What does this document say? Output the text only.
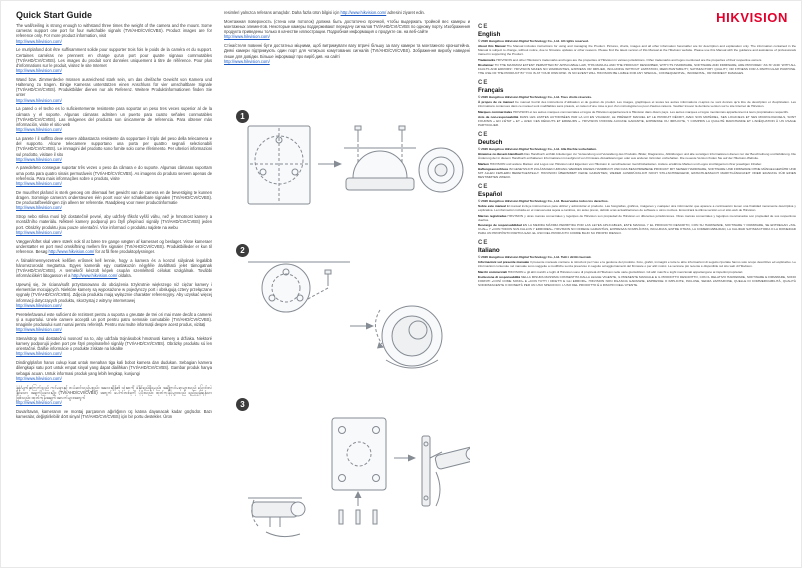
Quick Start Guide

The wall/ceiling is strong enough to withstand three times the weight of the camera and the mount. Some cameras support one port for four switchable signals (TVI/AHD/CVI/CVBS). Product images are for reference only. For more product information, visit
http://www.hikvision.com/

Le mur/plafond doit être suffisamment solide pour supporter trois fois le poids de la caméra et du support. Certaines caméras ne prennent en charge qu'un port pour quatre signaux commutables (TVI/AHD/CVI/CVBS). Les images du produit sont données uniquement à titre de référence. Pour plus d'informations sur le produit, visitez le site Internet
http://www.hikvision.com/

Wand bzw. Zimmerdecke müssen ausreichend stark sein, um das dreifache Gewicht von Kamera und Halterung zu tragen. Einige Kameras unterstützen einen Anschluss für vier umschaltbare Signale (TVI/AHD/CVI/CVBS). Produktbilder dienen nur als Referenz. Weitere Produktinformationen finden Sie unter
http://www.hikvision.com/

La pared o el techo es lo suficientemente resistente para soportar un peso tres veces superior al de la cámara y el soporte. Algunas cámaras admiten un puerto para cuatro señales conmutables (TVI/AHD/CVI/CVBS). Las imágenes del producto son únicamente de referencia. Para obtener más información, visite el sitio web
http://www.hikvision.com/

La parete / il soffitto deve essere abbastanza resistente da sopportare il triplo del peso della telecamera e del supporto. Alcune telecamere supportano una porta per quattro segnali selezionabili (TVI/AHD/CVI/CVBS). Le immagini del prodotto sono fornite solo come riferimento. Per ulteriori informazioni sul prodotto, visitare il sito
http://www.hikvision.com/

A parede/teto consegue suportar três vezes o peso da câmara e do suporte. Algumas câmaras suportam uma porta para quatro sinais permutáveis (TVI/AHD/CVI/CVBS). As imagens do produto servem apenas de referência. Para mais informações sobre o produto, visite
http://www.hikvision.com/

De muur/het plafond is sterk genoeg om driemaal het gewicht van de camera en de bevestiging te kunnen dragen. Sommige camera's ondersteunen één poort voor vier schakelbare signalen (TVI/AHD/CVI/CVBS). De productafbeeldingen zijn alleen ter referentie. Raadpleeg voor meer productinformatie
http://www.hikvision.com/

Strop nebo stěna musí být dostatečně pevné, aby udržely třikrát vyšší váhu, než je hmotnost kamery a montážního materiálu. Některé kamery podporují pro čtyři přepínací signály (TVI/AHD/CVI/CVBS) jeden port. Obrázky produktu jsou pouze orientační. Více informací o produktu najdete na webu
http://www.hikvision.com/

Væggen/loftet skal være stærk nok til at bære tre gange vægten af kameraet og beslaget. Visse kameraer understøtter en port med omskiftning mellem fire signaler (TVI/AHD/CVI/CVBS). Produktbilleder er kun til reference. Besøg http://www.hikvision.com/ for at få flere produktoplysninger.

A falnak/mennyezetnek kellően erősnek kell lennie, hogy a kamera és a konzol súlyának legalább háromszorosát megtartsa. Egyes kamerák egy csatlakozón négyféle átváltható jelet támogatnak (TVI/AHD/CVI/CVBS). A termékről készült képek csupán szemléltető célokat szolgálnak. További információkért látogasson el a http://www.hikvision.com/ oldalra.

Upewnij się, że ściana/sufit przystosowano do obciążenia trzykrotnie większego niż ciężar kamery i elementów mocujących. Niektóre kamery są wyposażone w pojedynczy port i obsługują cztery przełączane sygnały (TVI/AHD/CVI/CVBS). Zdjęcia produktu mają wyłącznie charakter referencyjny. Aby uzyskać więcej informacji dotyczących produktu, skorzystaj z witryny internetowej
http://www.hikvision.com/

Peretele/tavanul este suficient de rezistent pentru a suporta o greutate de trei ori mai mare decât a camerei și a suportului. Unele camere acceptă un port pentru patru semnale comutabile (TVI/AHD/CVI/CVBS). Imaginile produsului sunt numai pentru referință. Pentru mai multe informații despre acest produs, vizitați
http://www.hikvision.com/

Stena/strop má dostatočnú nosnosť na to, aby udržala trojnásobok hmotnosti kamery a držiaka. Niektoré kamery podporujú jeden port pre štyri prepínateľné signály (TVI/AHD/CVI/CVBS). Obrázky produktu sú len orientačné. Ďalšie informácie o produkte získate na lokalite
http://www.hikvision.com/

Dinding/plafon harus cukup kuat untuk menahan tiga kali bobot kamera dan dudukan. Sebagian kamera dilengkapi satu port untuk empat sinyal yang dapat dialihkan (TVI/AHD/CVI/CVBS). Gambar produk hanya sebagai acuan. Untuk informasi produk yang lebih lengkap, kunjungi
http://www.hikvision.com/

နံရံ/မျက်နှာကြက်သည် ကင်မရာနှင့် တပ်ဆင်သည့်ပစ္စည်း အလေးချိန်၏ သုံးဆကို ခံနိုင်ရည်ရှိရမည်။ အချို့ကင်မရာများသည် ပြောင်းလဲနိုင်သော အချက်ပြလေးမျိုး (TVI/AHD/CVI/CVBS) အတွက် ပေါက်တစ်ခုကို ပံ့ပိုးသည်။ ထုတ်ကုန်ပုံများသည် ရည်ညွှန်းရန်သာဖြစ်သည်။ ထုတ်ကုန်အချက်အလက်များအတွက်
http://www.hikvision.com/

Duvar/tavan, kameranın ve montaj parçasının ağırlığının üç katına dayanacak kadar güçlüdür. Bazı kameralar, değiştirilebilir dört sinyal (TVI/AHD/CVI/CVBS) için bir portu destekler. Ürün

resimleri yalnızca referans amaçlıdır. Daha fazla ürün bilgisi için http://www.hikvision.com/ adresini ziyaret edin.

Монтажная поверхность (стена или потолок) должна быть достаточно прочной, чтобы выдержать тройной вес камеры и монтажных элементов. Некоторые камеры поддерживают передачу сигналов TVI/AHD/CVI/CVBS по одному порту. Изображения продукта приведены только в качестве иллюстрации. Подробная информация о продукте см. на веб-сайте
http://www.hikvision.com/

Стіна/стеля повинні бути достатньо міцними, щоб витримувати вагу втричі більшу за вагу камери та монтажного кронштейна. Деякі камери підтримують один порт для чотирьох комутованих сигналів (TVI/AHD/CVI/CVBS). Зображення виробу наведені лише для довідки. Більше інформації про виріб див. на сайті
http://www.hikvision.com/

1
2
3
HIKVISION
CE
English

© 2020 Hangzhou Hikvision Digital Technology Co., Ltd. All rights reserved.

About this Manual The Manual includes instructions for using and managing the Product. Pictures, charts, images and all other information hereinafter are for description and explanation only. The information contained in the Manual is subject to change, without notice, due to firmware updates or other reasons. Please find the latest version of this Manual at the Hikvision website. Please use this Manual with the guidance and assistance of professionals trained in supporting the Product.

Trademarks HIKVISION and other Hikvision's trademarks and logos are the properties of Hikvision in various jurisdictions. Other trademarks and logos mentioned are the properties of their respective owners.

Disclaimer TO THE MAXIMUM EXTENT PERMITTED BY APPLICABLE LAW, THIS MANUAL AND THE PRODUCT DESCRIBED, WITH ITS HARDWARE, SOFTWARE AND FIRMWARE, ARE PROVIDED “AS IS” AND “WITH ALL FAULTS AND ERRORS”. HIKVISION MAKES NO WARRANTIES, EXPRESS OR IMPLIED, INCLUDING WITHOUT LIMITATION, MERCHANTABILITY, SATISFACTORY QUALITY, OR FITNESS FOR A PARTICULAR PURPOSE. THE USE OF THE PRODUCT BY YOU IS AT YOUR OWN RISK. IN NO EVENT WILL HIKVISION BE LIABLE FOR ANY SPECIAL, CONSEQUENTIAL, INCIDENTAL, OR INDIRECT DAMAGES.

CE
Français

© 2020 Hangzhou Hikvision Digital Technology Co., Ltd. Tous droits réservés.

À propos de ce manuel Ce manuel fournit des instructions d'utilisation et de gestion du produit. Les images, graphiques et toutes les autres informations ci-après ne sont donnés qu'à titre de description et d'explication. Les informations contenues dans ce manuel sont modifiables sans préavis, en raison d'une mise à jour d'un micrologiciel ou pour d'autres raisons. Veuillez trouver la dernière version sur le site Internet de Hikvision.

Marques commerciales HIKVISION et les autres marques commerciales et logos de Hikvision appartiennent à Hikvision dans divers pays. Les autres marques et logos mentionnés appartiennent à leurs propriétaires respectifs.

Avis de non-responsabilité DANS LES LIMITES AUTORISÉES PAR LA LOI EN VIGUEUR, LE PRÉSENT MANUEL ET LE PRODUIT DÉCRIT, AVEC SON MATÉRIEL, SES LOGICIELS ET SES MICROLOGICIELS, SONT FOURNIS « EN L'ÉTAT » ET « AVEC CES DÉFAUTS ET ERREURS ». HIKVISION N'OFFRE AUCUNE GARANTIE, EXPRESSE OU IMPLICITE, Y COMPRIS LA QUALITÉ MARCHANDE ET L'ADÉQUATION À UN USAGE PARTICULIER.

CE
Deutsch

© 2020 Hangzhou Hikvision Digital Technology Co., Ltd. Alle Rechte vorbehalten.

Hinweise zu diesem Handbuch Das Handbuch enthält Anleitungen zur Verwendung und Verwaltung des Produkts. Bilder, Diagramme, Abbildungen und alle sonstigen Informationen dienen nur der Beschreibung und Erklärung. Die Änderung der in diesem Handbuch enthaltenen Informationen ist aufgrund von Firmware-Aktualisierungen oder aus anderen Gründen vorbehalten. Die neueste Version finden Sie auf der Hikvision-Website.

Marken HIKVISION und andere Marken und Logos von Hikvision sind Eigentum von Hikvision in verschiedenen Gerichtsbarkeiten. Andere erwähnte Marken und Logos sind Eigentum ihrer jeweiligen Inhaber.

Haftungsausschluss IM GESETZLICH ZULÄSSIGEN UMFANG WERDEN DIESES HANDBUCH UND DAS BESCHRIEBENE PRODUKT MIT SEINER HARDWARE, SOFTWARE UND FIRMWARE OHNE MÄNGELGEWÄHR UND MIT ALLEN FEHLERN BEREITGESTELLT. HIKVISION ÜBERNIMMT KEINE GARANTIEN, WEDER AUSDRÜCKLICH NOCH STILLSCHWEIGEND, EINSCHLIESSLICH MARKTGÄNGIGKEIT ODER EIGNUNG FÜR EINEN BESTIMMTEN ZWECK.

CE
Español

© 2020 Hangzhou Hikvision Digital Technology Co., Ltd. Reservados todos los derechos.

Sobre este manual El manual incluye instrucciones para utilizar y administrar el producto. Las fotografías, gráficos, imágenes y cualquier otra información que aparece a continuación tienen una finalidad meramente descriptiva y explicativa. La información incluida en el manual está sujeta a cambios, sin aviso previo, debido a las actualizaciones de software u otros motivos. Encontrará la última versión en el sitio web de Hikvision.

Marcas registradas HIKVISION y otras marcas comerciales y logotipos de Hikvision son propiedad de Hikvision en diferentes jurisdicciones. Otras marcas comerciales y logotipos mencionados son propiedad de sus respectivos dueños.

Descargo de responsabilidad EN LA MEDIDA MÁXIMA PERMITIDA POR LAS LEYES APLICABLES, ESTE MANUAL Y EL PRODUCTO DESCRITO, CON SU HARDWARE, SOFTWARE Y FIRMWARE, SE ENTREGAN «TAL CUAL» Y «CON TODOS SUS FALLOS Y ERRORES». HIKVISION NO OFRECE GARANTÍAS, EXPRESAS NI IMPLÍCITAS, INCLUIDAS, ENTRE OTRAS, LA COMERCIABILIDAD, LA CALIDAD SATISFACTORIA O LA IDONEIDAD PARA UN PROPÓSITO PARTICULAR. EL USO DEL PRODUCTO CORRE BAJO SU PROPIO RIESGO.

CE
Italiano

© 2020 Hangzhou Hikvision Digital Technology Co., Ltd. Tutti i diritti riservati.

Informazioni sul presente manuale Il presente manuale contiene le istruzioni per l'uso e la gestione del prodotto. Foto, grafici, immagini e tutte le altre informazioni di seguito riportate hanno solo scopo descrittivo ed esplicativo. Le informazioni contenute nel manuale sono soggette a modifiche senza preavviso in seguito ad aggiornamenti del firmware o per altri motivi. La versione più recente è disponibile sul sito web di Hikvision.

Marchi commerciali HIKVISION e gli altri marchi e loghi di Hikvision sono di proprietà di Hikvision nelle varie giurisdizioni. Gli altri marchi e loghi menzionati appartengono ai rispettivi proprietari.

Esclusione di responsabilità NELLA MISURA MASSIMA CONSENTITA DALLA LEGGE VIGENTE, IL PRESENTE MANUALE E IL PRODOTTO DESCRITTO, CON IL RELATIVO HARDWARE, SOFTWARE E FIRMWARE, SONO FORNITI «COSÌ COME SONO» E «CON TUTTI I DIFETTI E GLI ERRORI». HIKVISION NON RILASCIA GARANZIE, ESPRESSE O IMPLICITE, INCLUSE, SENZA LIMITAZIONE, QUELLE DI COMMERCIABILITÀ, QUALITÀ SODDISFACENTE O IDONEITÀ PER UN USO SPECIFICO. L'USO DEL PRODOTTO È A RISCHIO DELL'UTENTE.
